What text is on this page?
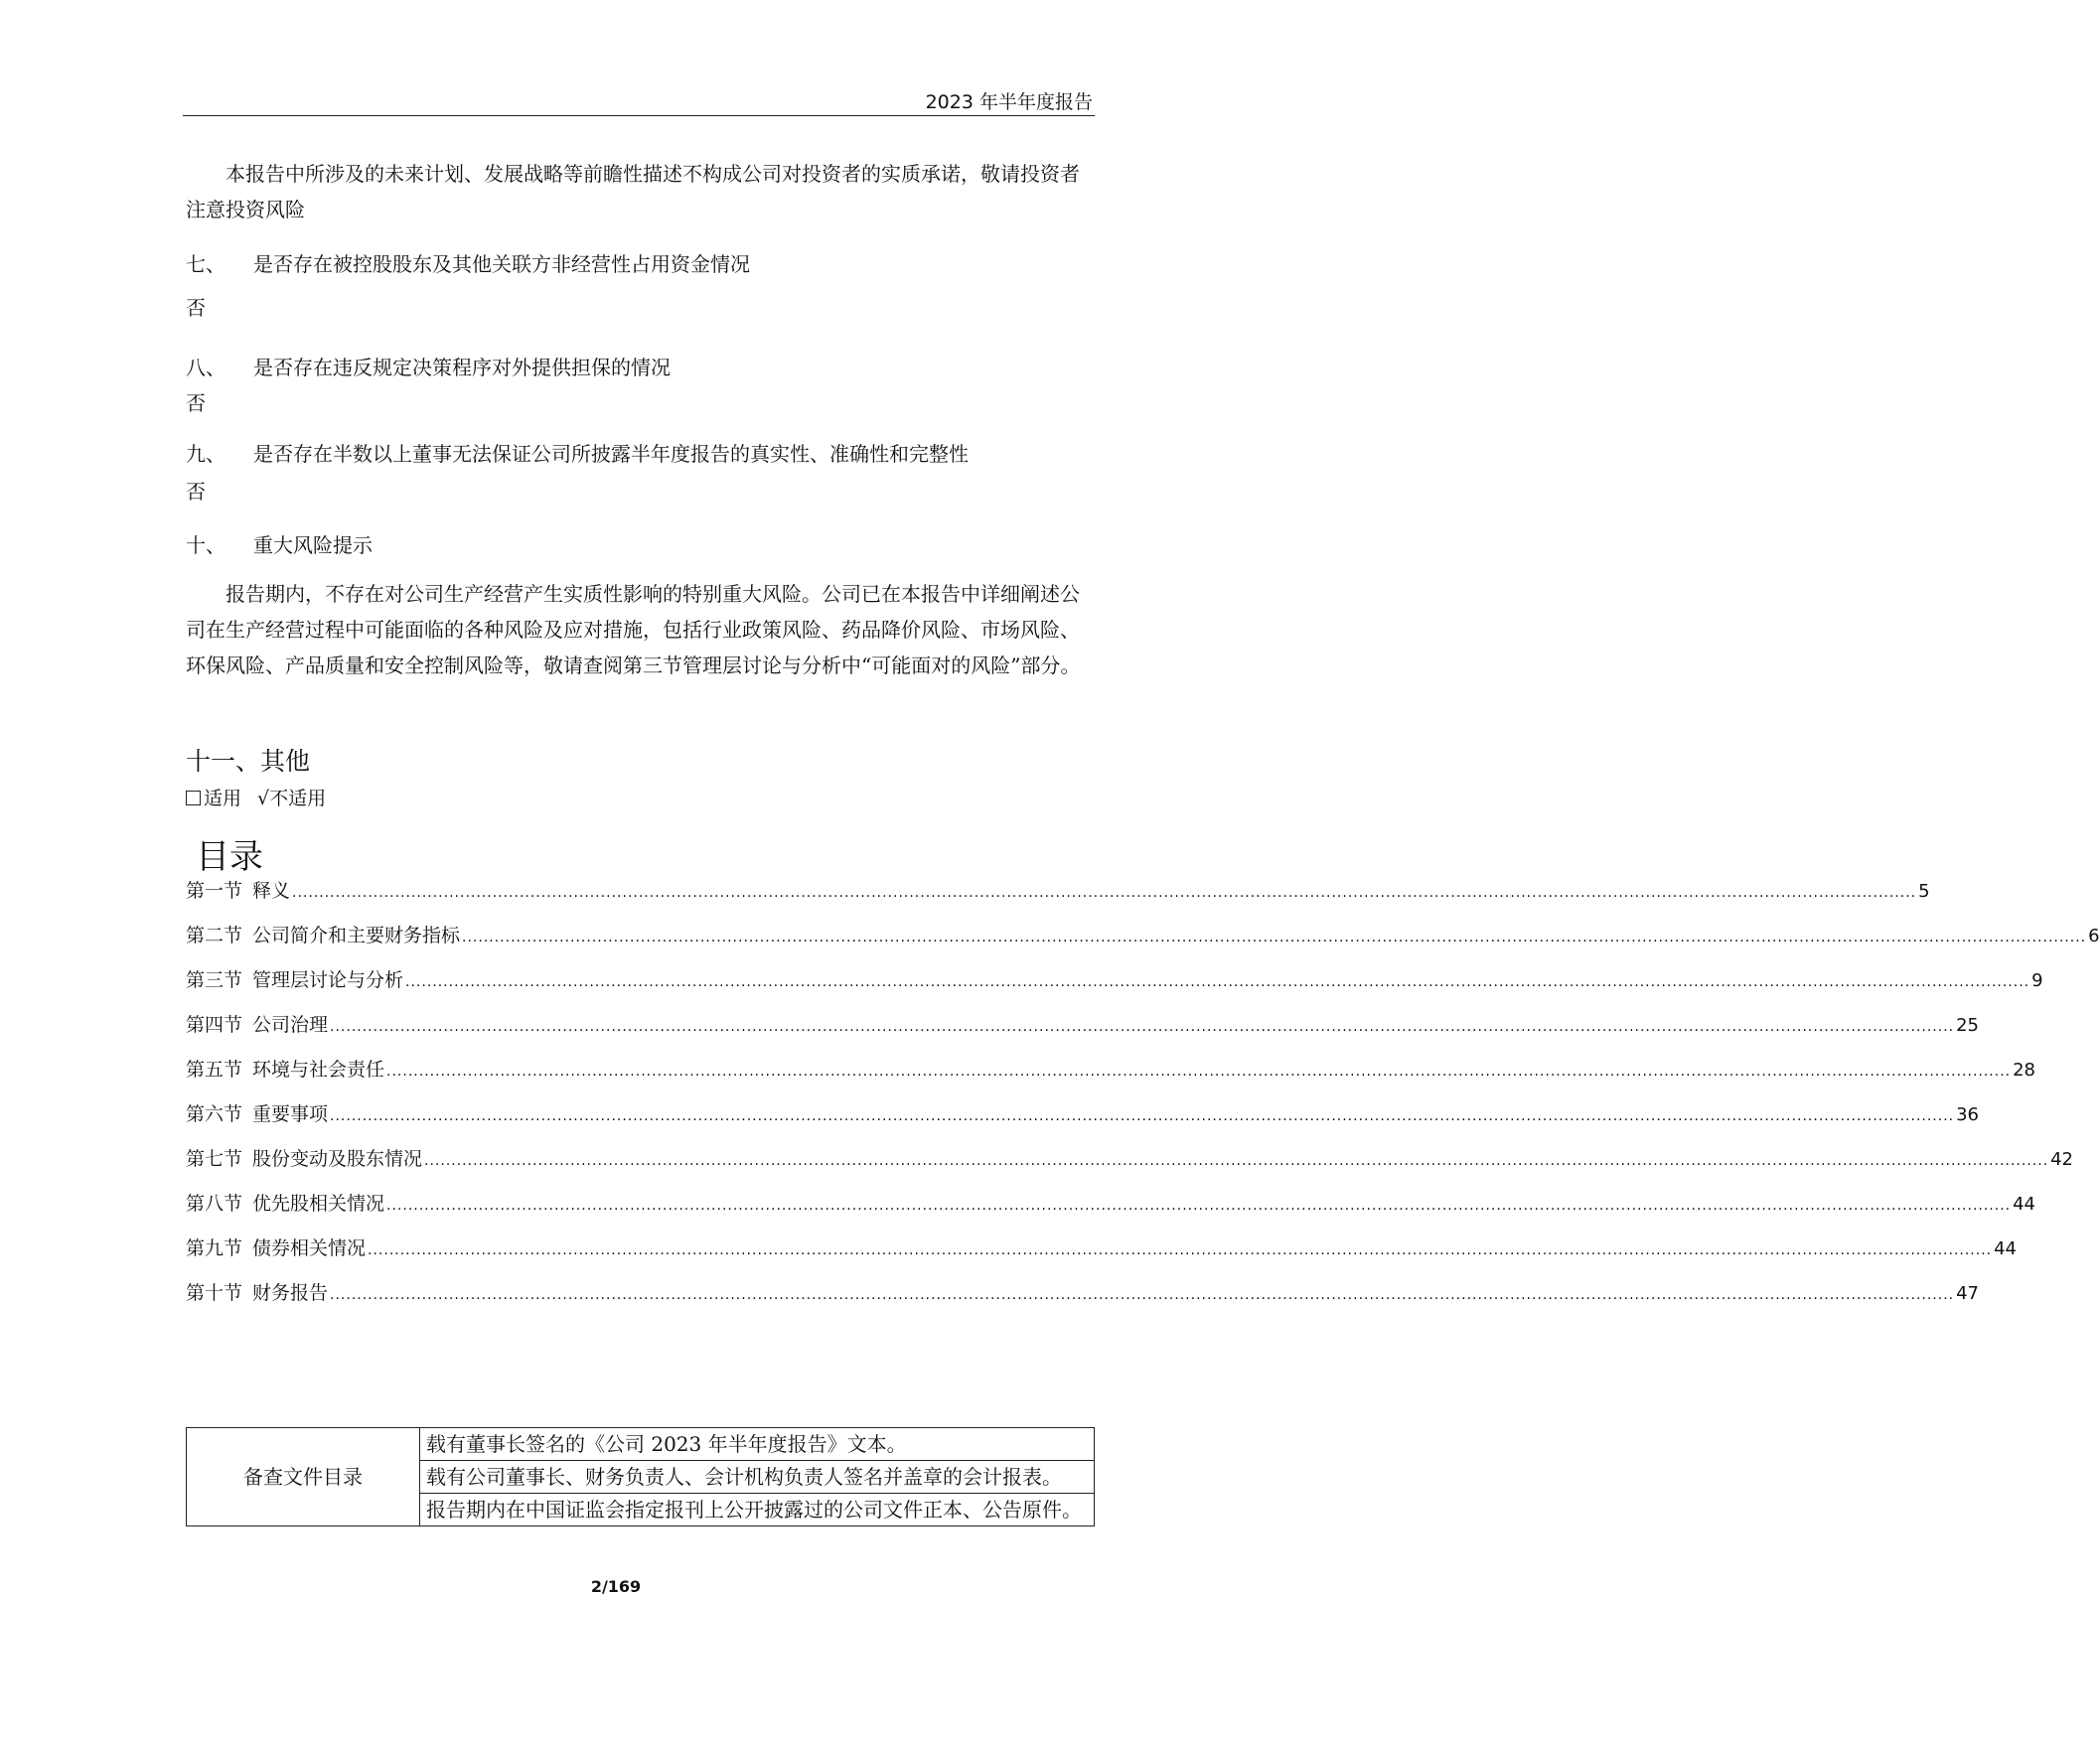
2023 年半年度报告

本报告中所涉及的未来计划、发展战略等前瞻性描述不构成公司对投资者的实质承诺，敬请投资者注意投资风险

七、 是否存在被控股股东及其他关联方非经营性占用资金情况
否
八、 是否存在违反规定决策程序对外提供担保的情况
否
九、 是否存在半数以上董事无法保证公司所披露半年度报告的真实性、准确性和完整性
否
十、 重大风险提示

报告期内，不存在对公司生产经营产生实质性影响的特别重大风险。公司已在本报告中详细阐述公司在生产经营过程中可能面临的各种风险及应对措施，包括行业政策风险、药品降价风险、市场风险、环保风险、产品质量和安全控制风险等，敬请查阅第三节管理层讨论与分析中“可能面对的风险”部分。

十一、其他
适用 √不适用
目录
第一节 释义 ............................................................................................................................................................................................................................................................................................................ 5
第二节 公司简介和主要财务指标 ............................................................................................................................................................................................................................................................................................................ 6
第三节 管理层讨论与分析 ............................................................................................................................................................................................................................................................................................................ 9
第四节 公司治理 ............................................................................................................................................................................................................................................................................................................ 25
第五节 环境与社会责任 ............................................................................................................................................................................................................................................................................................................ 28
第六节 重要事项 ............................................................................................................................................................................................................................................................................................................ 36
第七节 股份变动及股东情况 ............................................................................................................................................................................................................................................................................................................ 42
第八节 优先股相关情况 ............................................................................................................................................................................................................................................................................................................ 44
第九节 债券相关情况 ............................................................................................................................................................................................................................................................................................................ 44
第十节 财务报告 ............................................................................................................................................................................................................................................................................................................ 47
备查文件目录	载有董事长签名的《公司 2023 年半年度报告》文本。
载有公司董事长、财务负责人、会计机构负责人签名并盖章的会计报表。
报告期内在中国证监会指定报刊上公开披露过的公司文件正本、公告原件。
2/169
